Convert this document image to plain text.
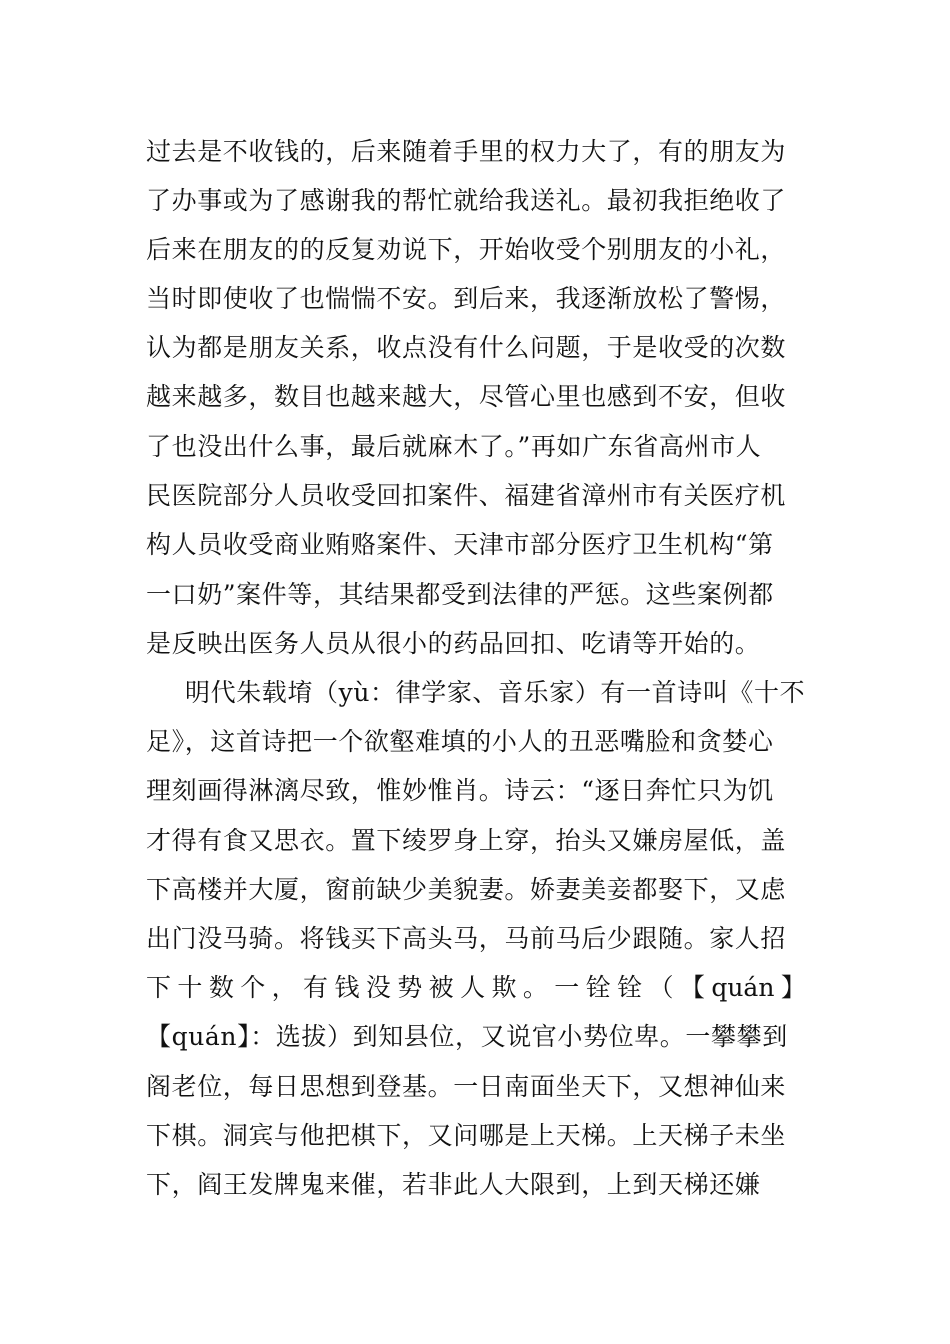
过去是不收钱的，后来随着手里的权力大了，有的朋友为
了办事或为了感谢我的帮忙就给我送礼。最初我拒绝收了
后来在朋友的的反复劝说下，开始收受个别朋友的小礼，
当时即使收了也惴惴不安。到后来，我逐渐放松了警惕，
认为都是朋友关系，收点没有什么问题，于是收受的次数
越来越多，数目也越来越大，尽管心里也感到不安，但收
了也没出什么事，最后就麻木了。”再如广东省高州市人
民医院部分人员收受回扣案件、福建省漳州市有关医疗机
构人员收受商业贿赂案件、天津市部分医疗卫生机构“第
一口奶”案件等，其结果都受到法律的严惩。这些案例都
是反映出医务人员从很小的药品回扣、吃请等开始的。
明代朱载堉（yù：律学家、音乐家）有一首诗叫《十不
足》，这首诗把一个欲壑难填的小人的丑恶嘴脸和贪婪心
理刻画得淋漓尽致，惟妙惟肖。诗云：“逐日奔忙只为饥
才得有食又思衣。置下绫罗身上穿，抬头又嫌房屋低，盖
下高楼并大厦，窗前缺少美貌妻。娇妻美妾都娶下，又虑
出门没马骑。将钱买下高头马，马前马后少跟随。家人招
下 十 数 个 ， 有 钱 没 势 被 人 欺 。 一 铨 铨 （ 【 quán 】
【quán】：选拔）到知县位，又说官小势位卑。一攀攀到
阁老位，每日思想到登基。一日南面坐天下，又想神仙来
下棋。洞宾与他把棋下，又问哪是上天梯。上天梯子未坐
下，阎王发牌鬼来催，若非此人大限到，上到天梯还嫌
